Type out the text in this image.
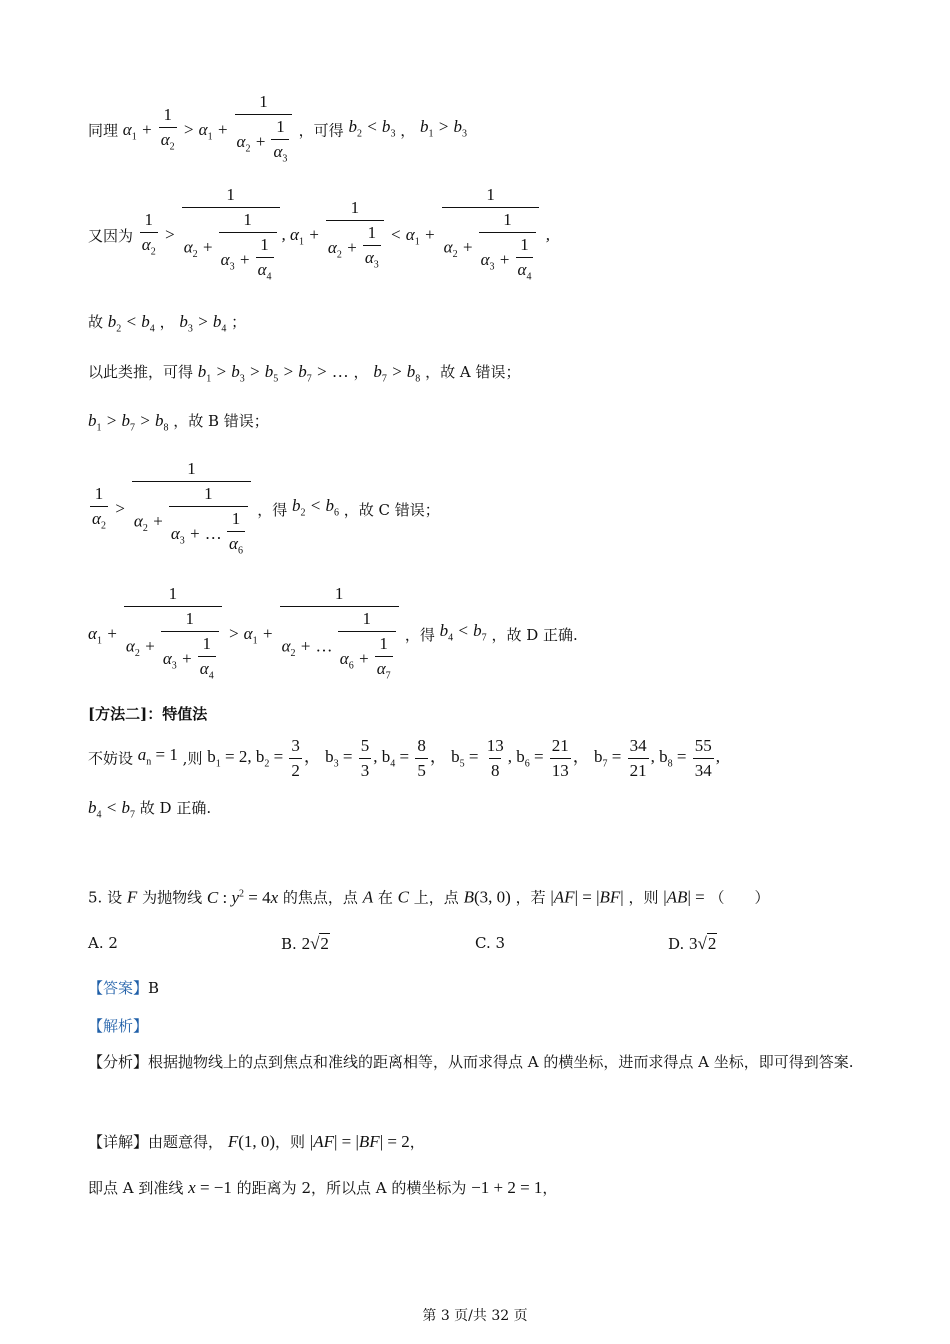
同理 $\alpha_1 + \frac{1}{\alpha_2} > \alpha_1 + \frac{1}{\alpha_2 + \frac{1}{\alpha_3}}$ ，可得 $b_2 < b_3$ ， $b_1 > b_3$
又因为 $\frac{1}{\alpha_2} > \frac{1}{\alpha_2 + \frac{1}{\alpha_3 + \frac{1}{\alpha_4}}}$ , $\alpha_1 + \frac{1}{\alpha_2 + \frac{1}{\alpha_3}} < \alpha_1 + \frac{1}{\alpha_2 + \frac{1}{\alpha_3 + \frac{1}{\alpha_4}}}$ ,
故 $b_2 < b_4$ ， $b_3 > b_4$ ；
以此类推，可得 $b_1 > b_3 > b_5 > b_7$ > … ， $b_7 > b_8$ ，故 A 错误；
$b_1 > b_7 > b_8$ ，故 B 错误；
$\frac{1}{\alpha_2} > \frac{1}{\alpha_2 + \frac{1}{\alpha_3 + \dots \frac{1}{\alpha_6}}}$ ，得 $b_2 < b_6$ ，故 C 错误；
$\alpha_1 + \frac{1}{\alpha_2 + \frac{1}{\alpha_3 + \frac{1}{\alpha_4}}} > \alpha_1 + \frac{1}{\alpha_2 + \dots \frac{1}{\alpha_6 + \frac{1}{\alpha_7}}}$ ，得 $b_4 < b_7$ ，故 D 正确.
[方法二]：特值法
不妨设 $a_n = 1$ ,则 $b_1 = 2$, $b_2 = \frac{3}{2}$ ， $b_3 = \frac{5}{3}$ , $b_4 = \frac{8}{5}$ ， $b_5 = \frac{13}{8}$ , $b_6 = \frac{21}{13}$ ， $b_7 = \frac{34}{21}$ , $b_8 = \frac{55}{34}$ ,
$b_4 < b_7$ 故 D 正确.
5. 设 F 为抛物线 C : $y^2 = 4x$ 的焦点，点 A 在 C 上，点 B(3, 0) ，若 |AF| = |BF| ，则 |AB| = （　　）
A. 2	B. 2√2	C. 3	D. 3√2
【答案】B
【解析】
【分析】根据抛物线上的点到焦点和准线的距离相等，从而求得点 A 的横坐标，进而求得点 A 坐标，即可得到答案.
【详解】由题意得， F(1, 0)，则 |AF| = |BF| = 2，
即点 A 到准线 x = −1 的距离为 2，所以点 A 的横坐标为 −1 + 2 = 1，
第 3 页/共 32 页
